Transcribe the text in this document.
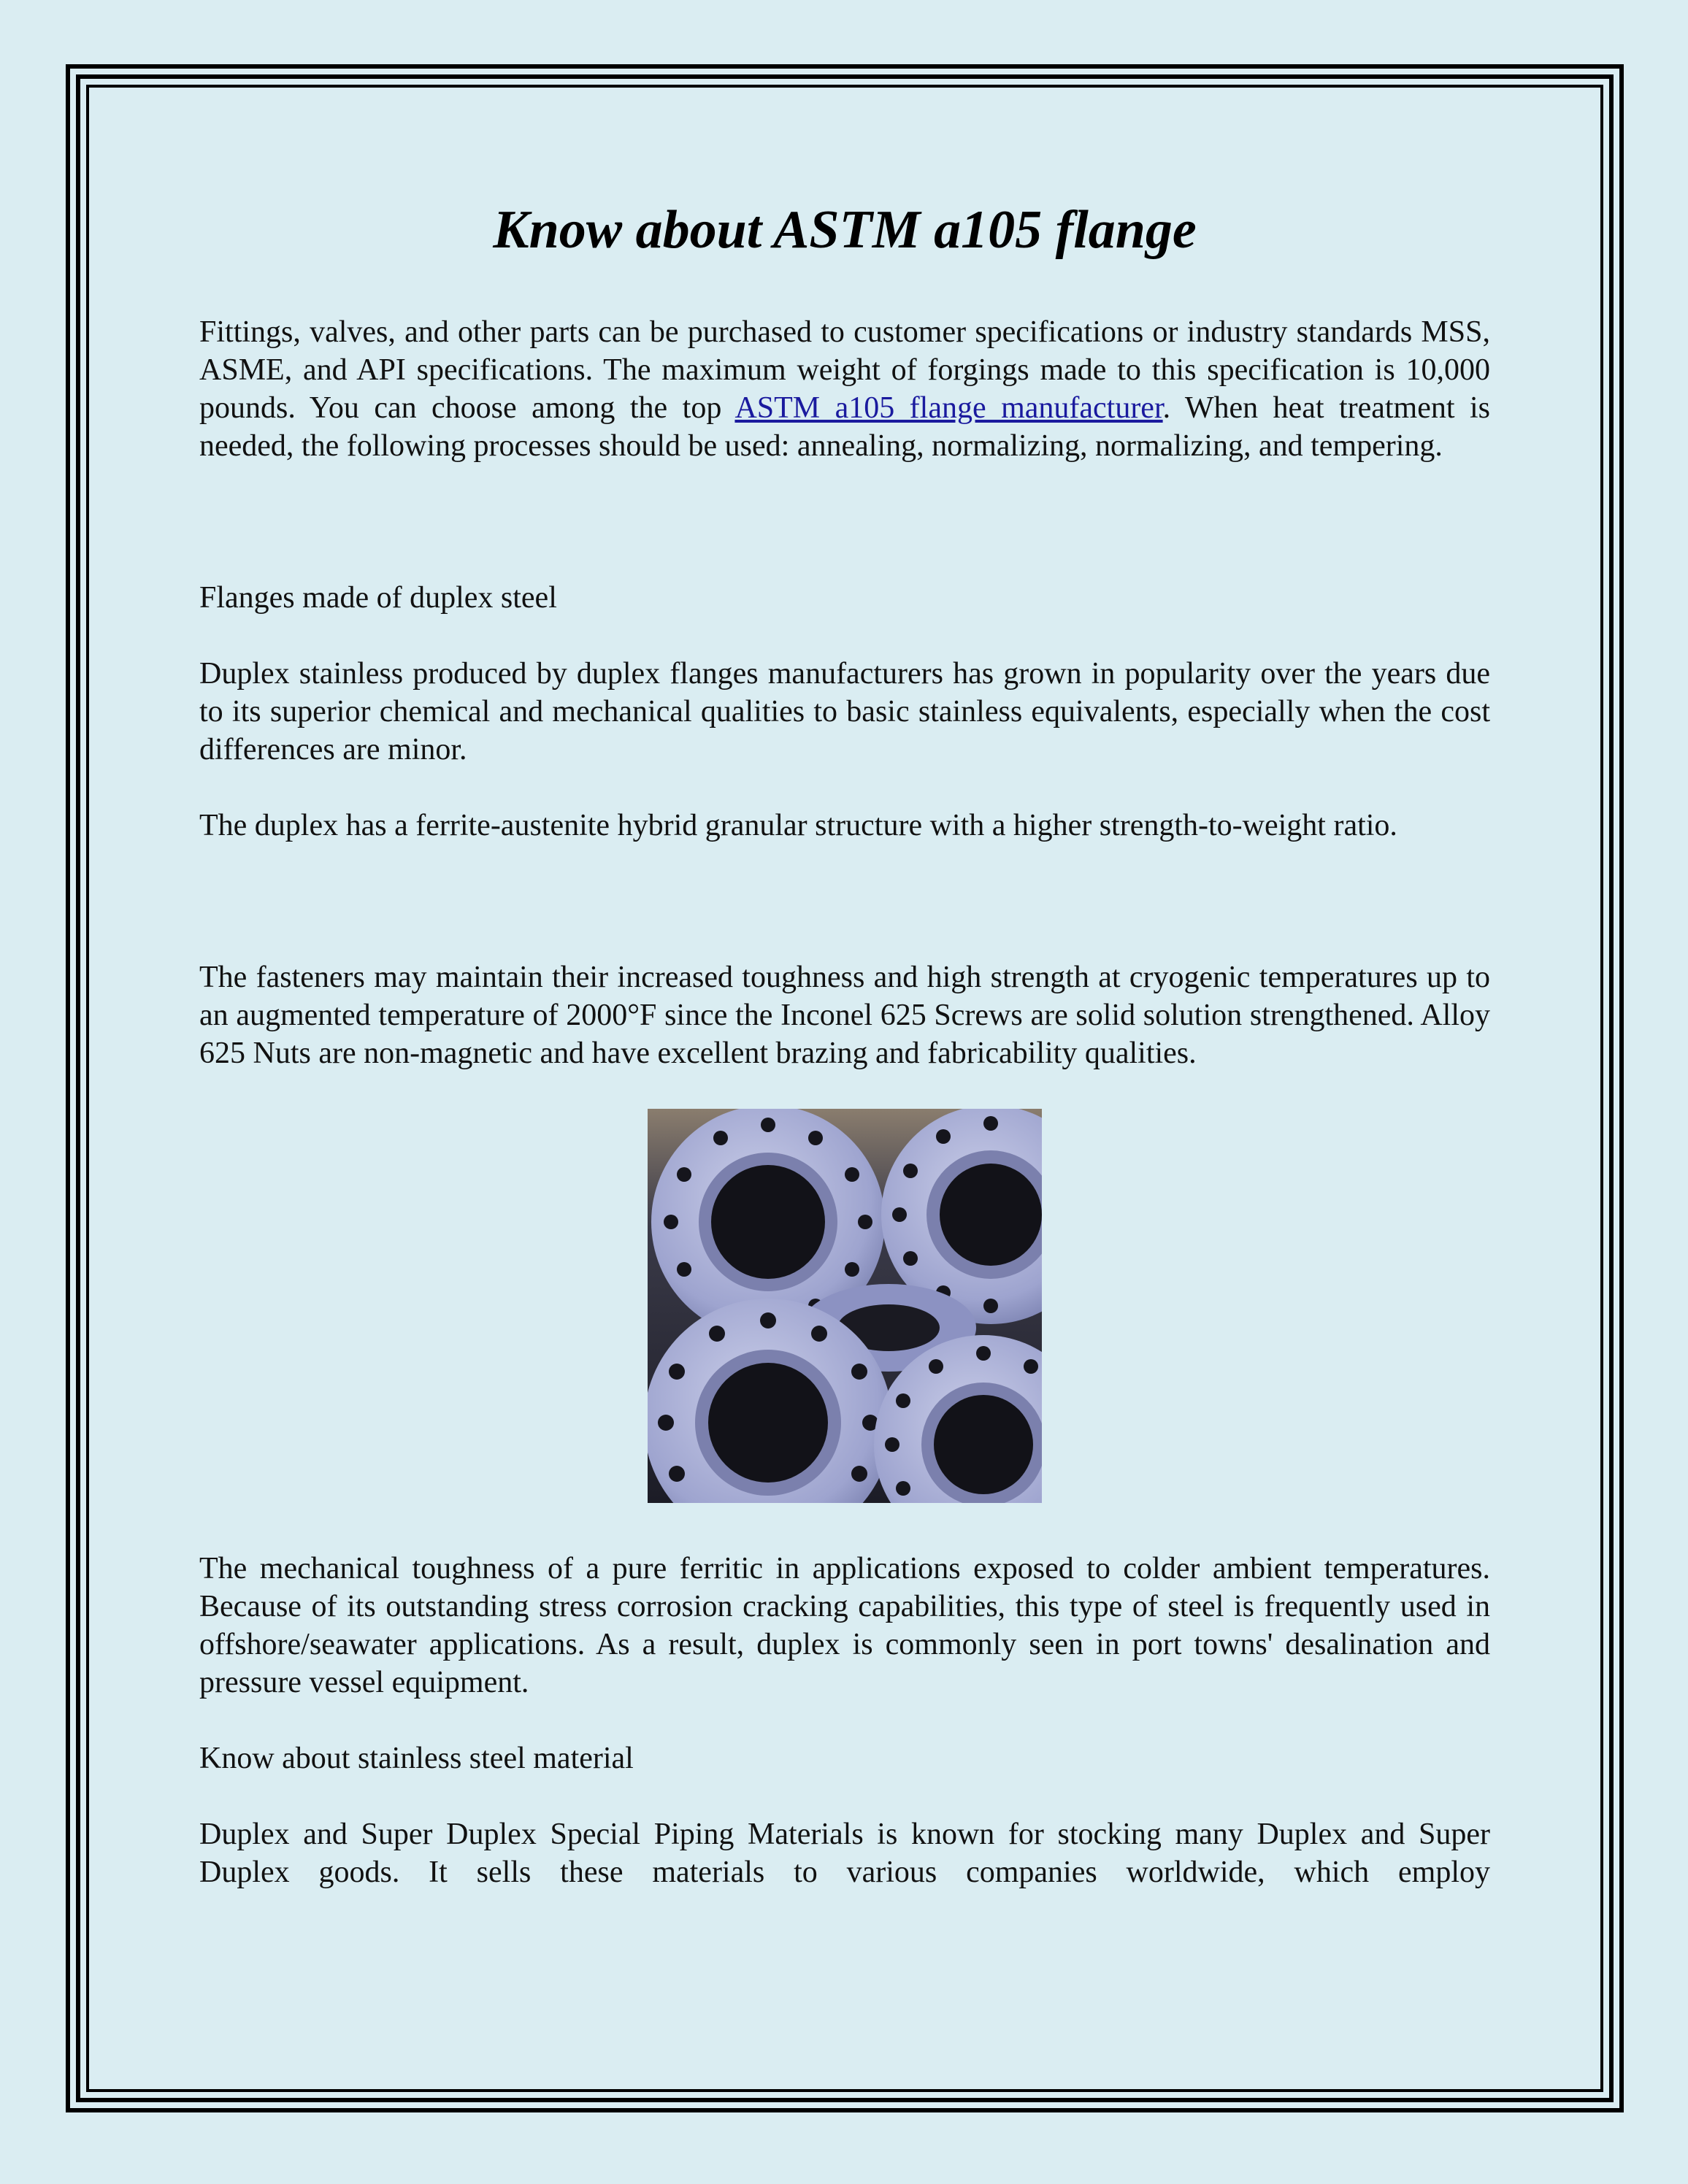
Know about ASTM a105 flange

Fittings, valves, and other parts can be purchased to customer specifications or industry standards MSS, ASME, and API specifications. The maximum weight of forgings made to this specification is 10,000 pounds. You can choose among the top ASTM a105 flange manufacturer. When heat treatment is needed, the following processes should be used: annealing, normalizing, normalizing, and tempering.

Flanges made of duplex steel

Duplex stainless produced by duplex flanges manufacturers has grown in popularity over the years due to its superior chemical and mechanical qualities to basic stainless equivalents, especially when the cost differences are minor.

The duplex has a ferrite-austenite hybrid granular structure with a higher strength-to-weight ratio.

The fasteners may maintain their increased toughness and high strength at cryogenic temperatures up to an augmented temperature of 2000°F since the Inconel 625 Screws are solid solution strengthened. Alloy 625 Nuts are non-magnetic and have excellent brazing and fabricability qualities.

The mechanical toughness of a pure ferritic in applications exposed to colder ambient temperatures. Because of its outstanding stress corrosion cracking capabilities, this type of steel is frequently used in offshore/seawater applications. As a result, duplex is commonly seen in port towns' desalination and pressure vessel equipment.

Know about stainless steel material

Duplex and Super Duplex Special Piping Materials is known for stocking many Duplex and Super Duplex goods. It sells these materials to various companies worldwide, which employ
